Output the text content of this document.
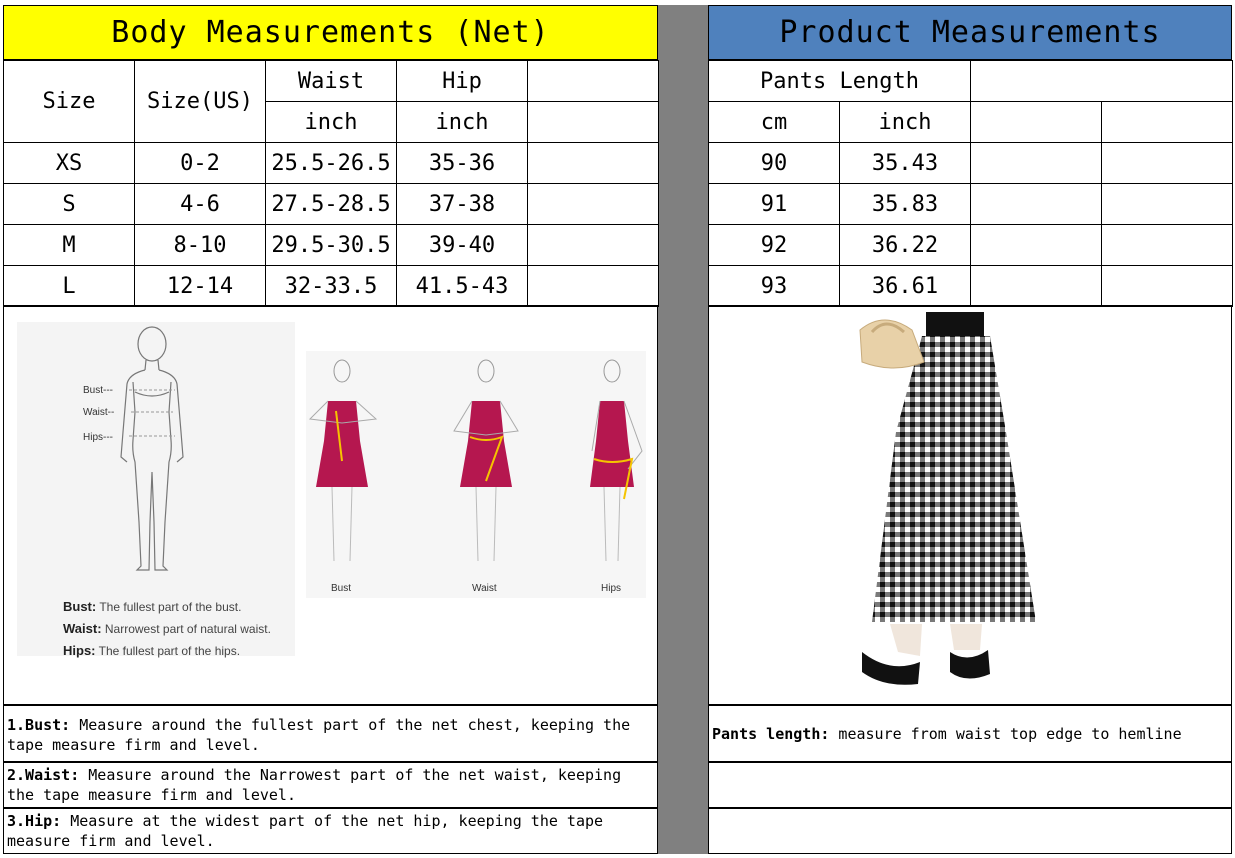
Body Measurements (Net)	Product Measurements
Size	Size(US)	Waist	Hip	
		inch	inch	
XS	0-2	25.5-26.5	35-36	
S	4-6	27.5-28.5	37-38	
M	8-10	29.5-30.5	39-40	
L	12-14	32-33.5	41.5-43	
Pants Length			
cm	inch		
90	35.43		
91	35.83		
92	36.22		
93	36.61		
Bust---
Waist--
Hips---
Bust: The fullest part of the bust.
Waist: Narrowest part of natural waist.
Hips: The fullest part of the hips.
Bust	Waist	Hips
1.Bust: Measure around the fullest part of the net chest, keeping the tape measure firm and level.
2.Waist: Measure around the Narrowest part of the net waist, keeping the tape measure firm and level.
3.Hip: Measure at the widest part of the net hip, keeping the tape measure firm and level.
Pants length: measure from waist top edge to hemline
